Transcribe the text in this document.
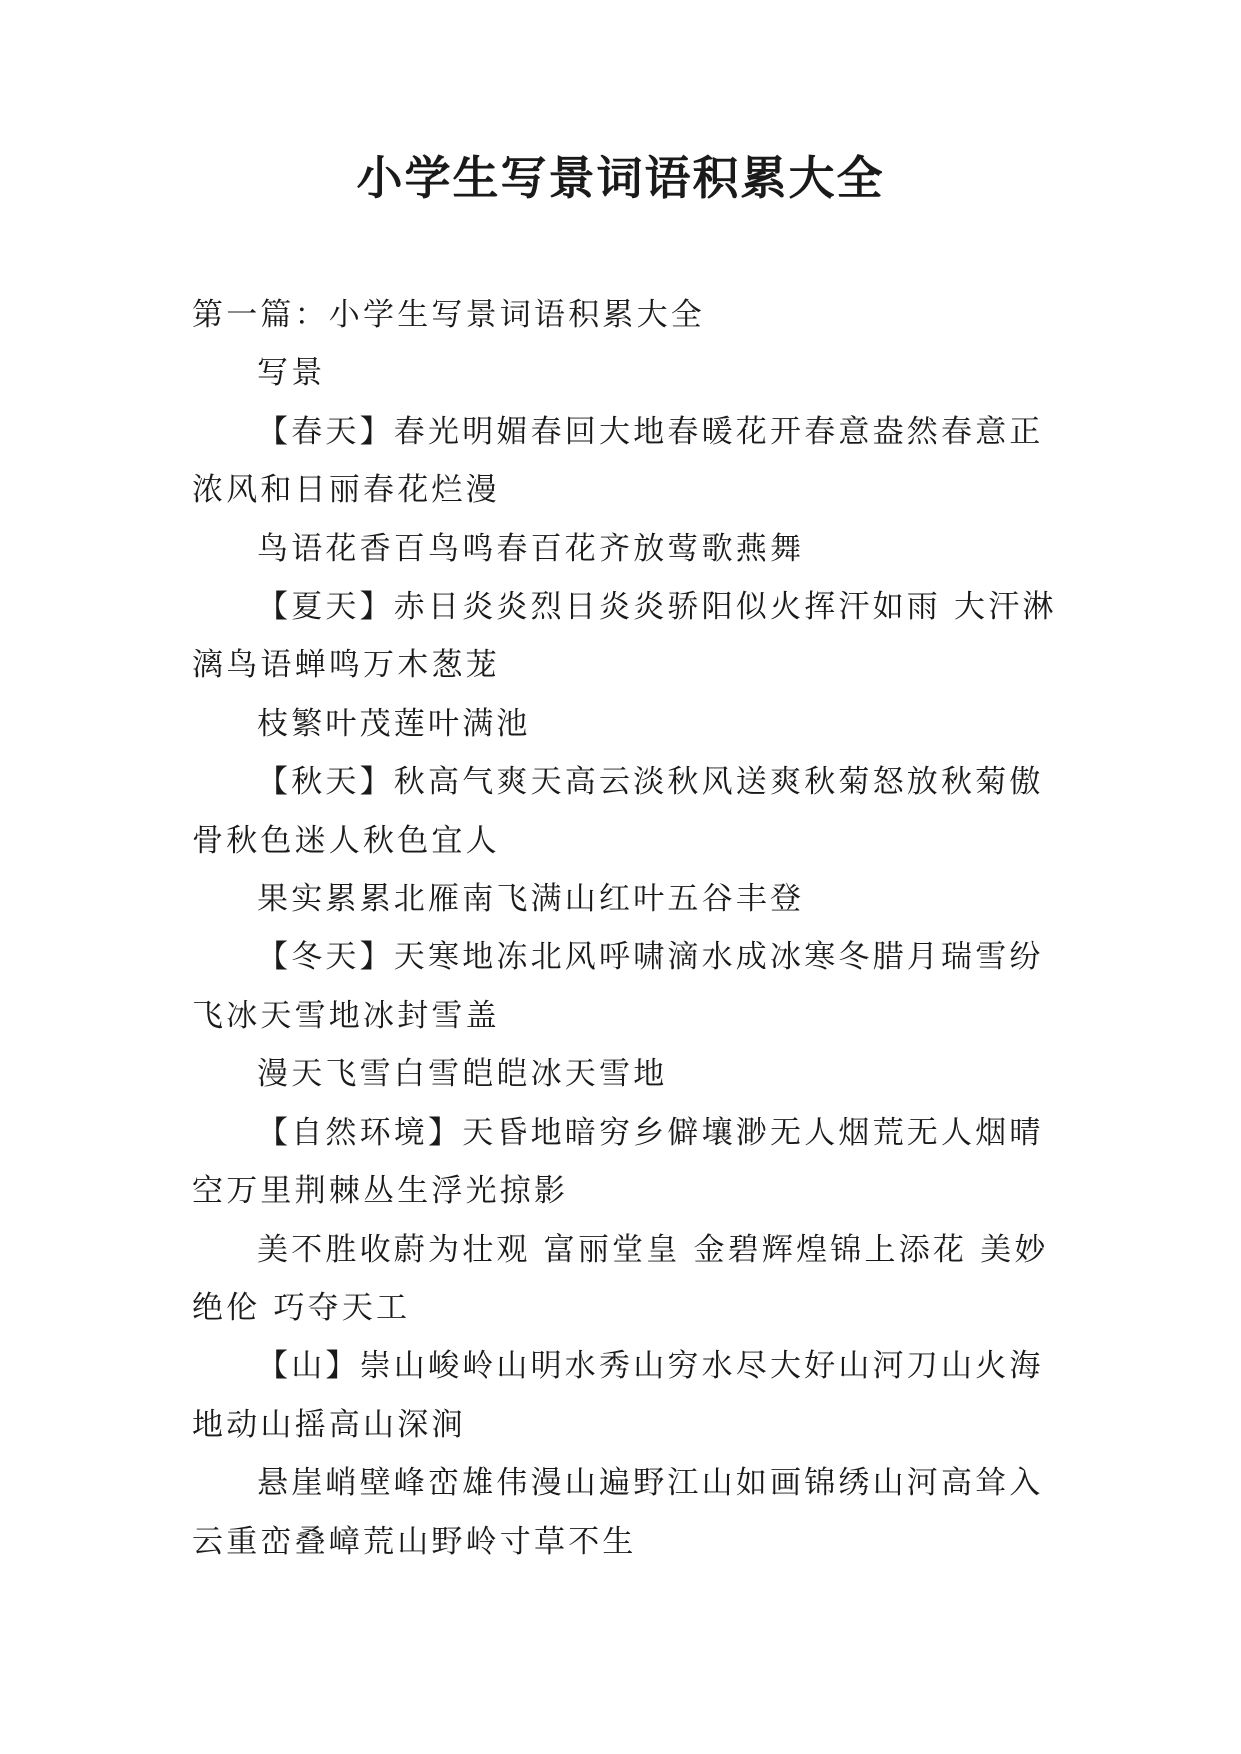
小学生写景词语积累大全

第一篇：小学生写景词语积累大全

写景

【春天】春光明媚春回大地春暖花开春意盎然春意正浓风和日丽春花烂漫

鸟语花香百鸟鸣春百花齐放莺歌燕舞

【夏天】赤日炎炎烈日炎炎骄阳似火挥汗如雨 大汗淋漓鸟语蝉鸣万木葱茏

枝繁叶茂莲叶满池

【秋天】秋高气爽天高云淡秋风送爽秋菊怒放秋菊傲骨秋色迷人秋色宜人

果实累累北雁南飞满山红叶五谷丰登

【冬天】天寒地冻北风呼啸滴水成冰寒冬腊月瑞雪纷飞冰天雪地冰封雪盖

漫天飞雪白雪皑皑冰天雪地

【自然环境】天昏地暗穷乡僻壤渺无人烟荒无人烟晴空万里荆棘丛生浮光掠影

美不胜收蔚为壮观 富丽堂皇 金碧辉煌锦上添花 美妙绝伦 巧夺天工

【山】崇山峻岭山明水秀山穷水尽大好山河刀山火海地动山摇高山深涧

悬崖峭壁峰峦雄伟漫山遍野江山如画锦绣山河高耸入云重峦叠嶂荒山野岭寸草不生
